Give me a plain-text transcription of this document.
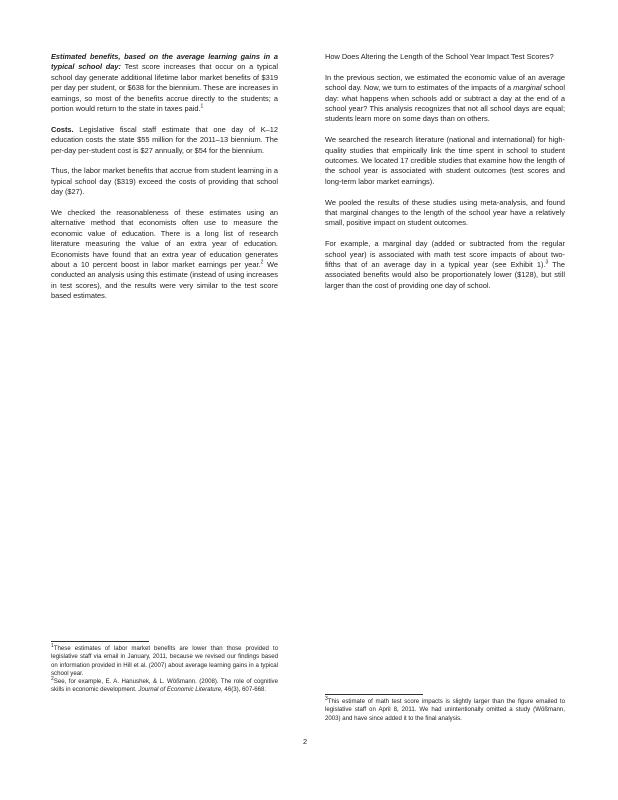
Estimated benefits, based on the average learning gains in a typical school day: Test score increases that occur on a typical school day generate additional lifetime labor market benefits of $319 per day per student, or $638 for the biennium. These are increases in earnings, so most of the benefits accrue directly to the students; a portion would return to the state in taxes paid.$^1$

Costs. Legislative fiscal staff estimate that one day of K–12 education costs the state $55 million for the 2011–13 biennium. The per-day per-student cost is $27 annually, or $54 for the biennium.

Thus, the labor market benefits that accrue from student learning in a typical school day ($319) exceed the costs of providing that school day ($27).

We checked the reasonableness of these estimates using an alternative method that economists often use to measure the economic value of education. There is a long list of research literature measuring the value of an extra year of education. Economists have found that an extra year of education generates about a 10 percent boost in labor market earnings per year.$^2$ We conducted an analysis using this estimate (instead of using increases in test scores), and the results were very similar to the test score based estimates.

How Does Altering the Length of the School Year Impact Test Scores?

In the previous section, we estimated the economic value of an average school day. Now, we turn to estimates of the impacts of a marginal school day: what happens when schools add or subtract a day at the end of a school year? This analysis recognizes that not all school days are equal; students learn more on some days than on others.

We searched the research literature (national and international) for high-quality studies that empirically link the time spent in school to student outcomes. We located 17 credible studies that examine how the length of the school year is associated with student outcomes (test scores and long-term labor market earnings).

We pooled the results of these studies using meta-analysis, and found that marginal changes to the length of the school year have a relatively small, positive impact on student outcomes.

For example, a marginal day (added or subtracted from the regular school year) is associated with math test score impacts of about two-fifths that of an average day in a typical year (see Exhibit 1).$^3$ The associated benefits would also be proportionately lower ($128), but still larger than the cost of providing one day of school.

$^1$These estimates of labor market benefits are lower than those provided to legislative staff via email in January, 2011, because we revised our findings based on information provided in Hill et al. (2007) about average learning gains in a typical school year.

$^2$See, for example, E. A. Hanushek, & L. Wößmann. (2008). The role of cognitive skills in economic development. Journal of Economic Literature, 46(3), 607-668.

$^3$This estimate of math test score impacts is slightly larger than the figure emailed to legislative staff on April 8, 2011. We had unintentionally omitted a study (Wößmann, 2003) and have since added it to the final analysis.

2
